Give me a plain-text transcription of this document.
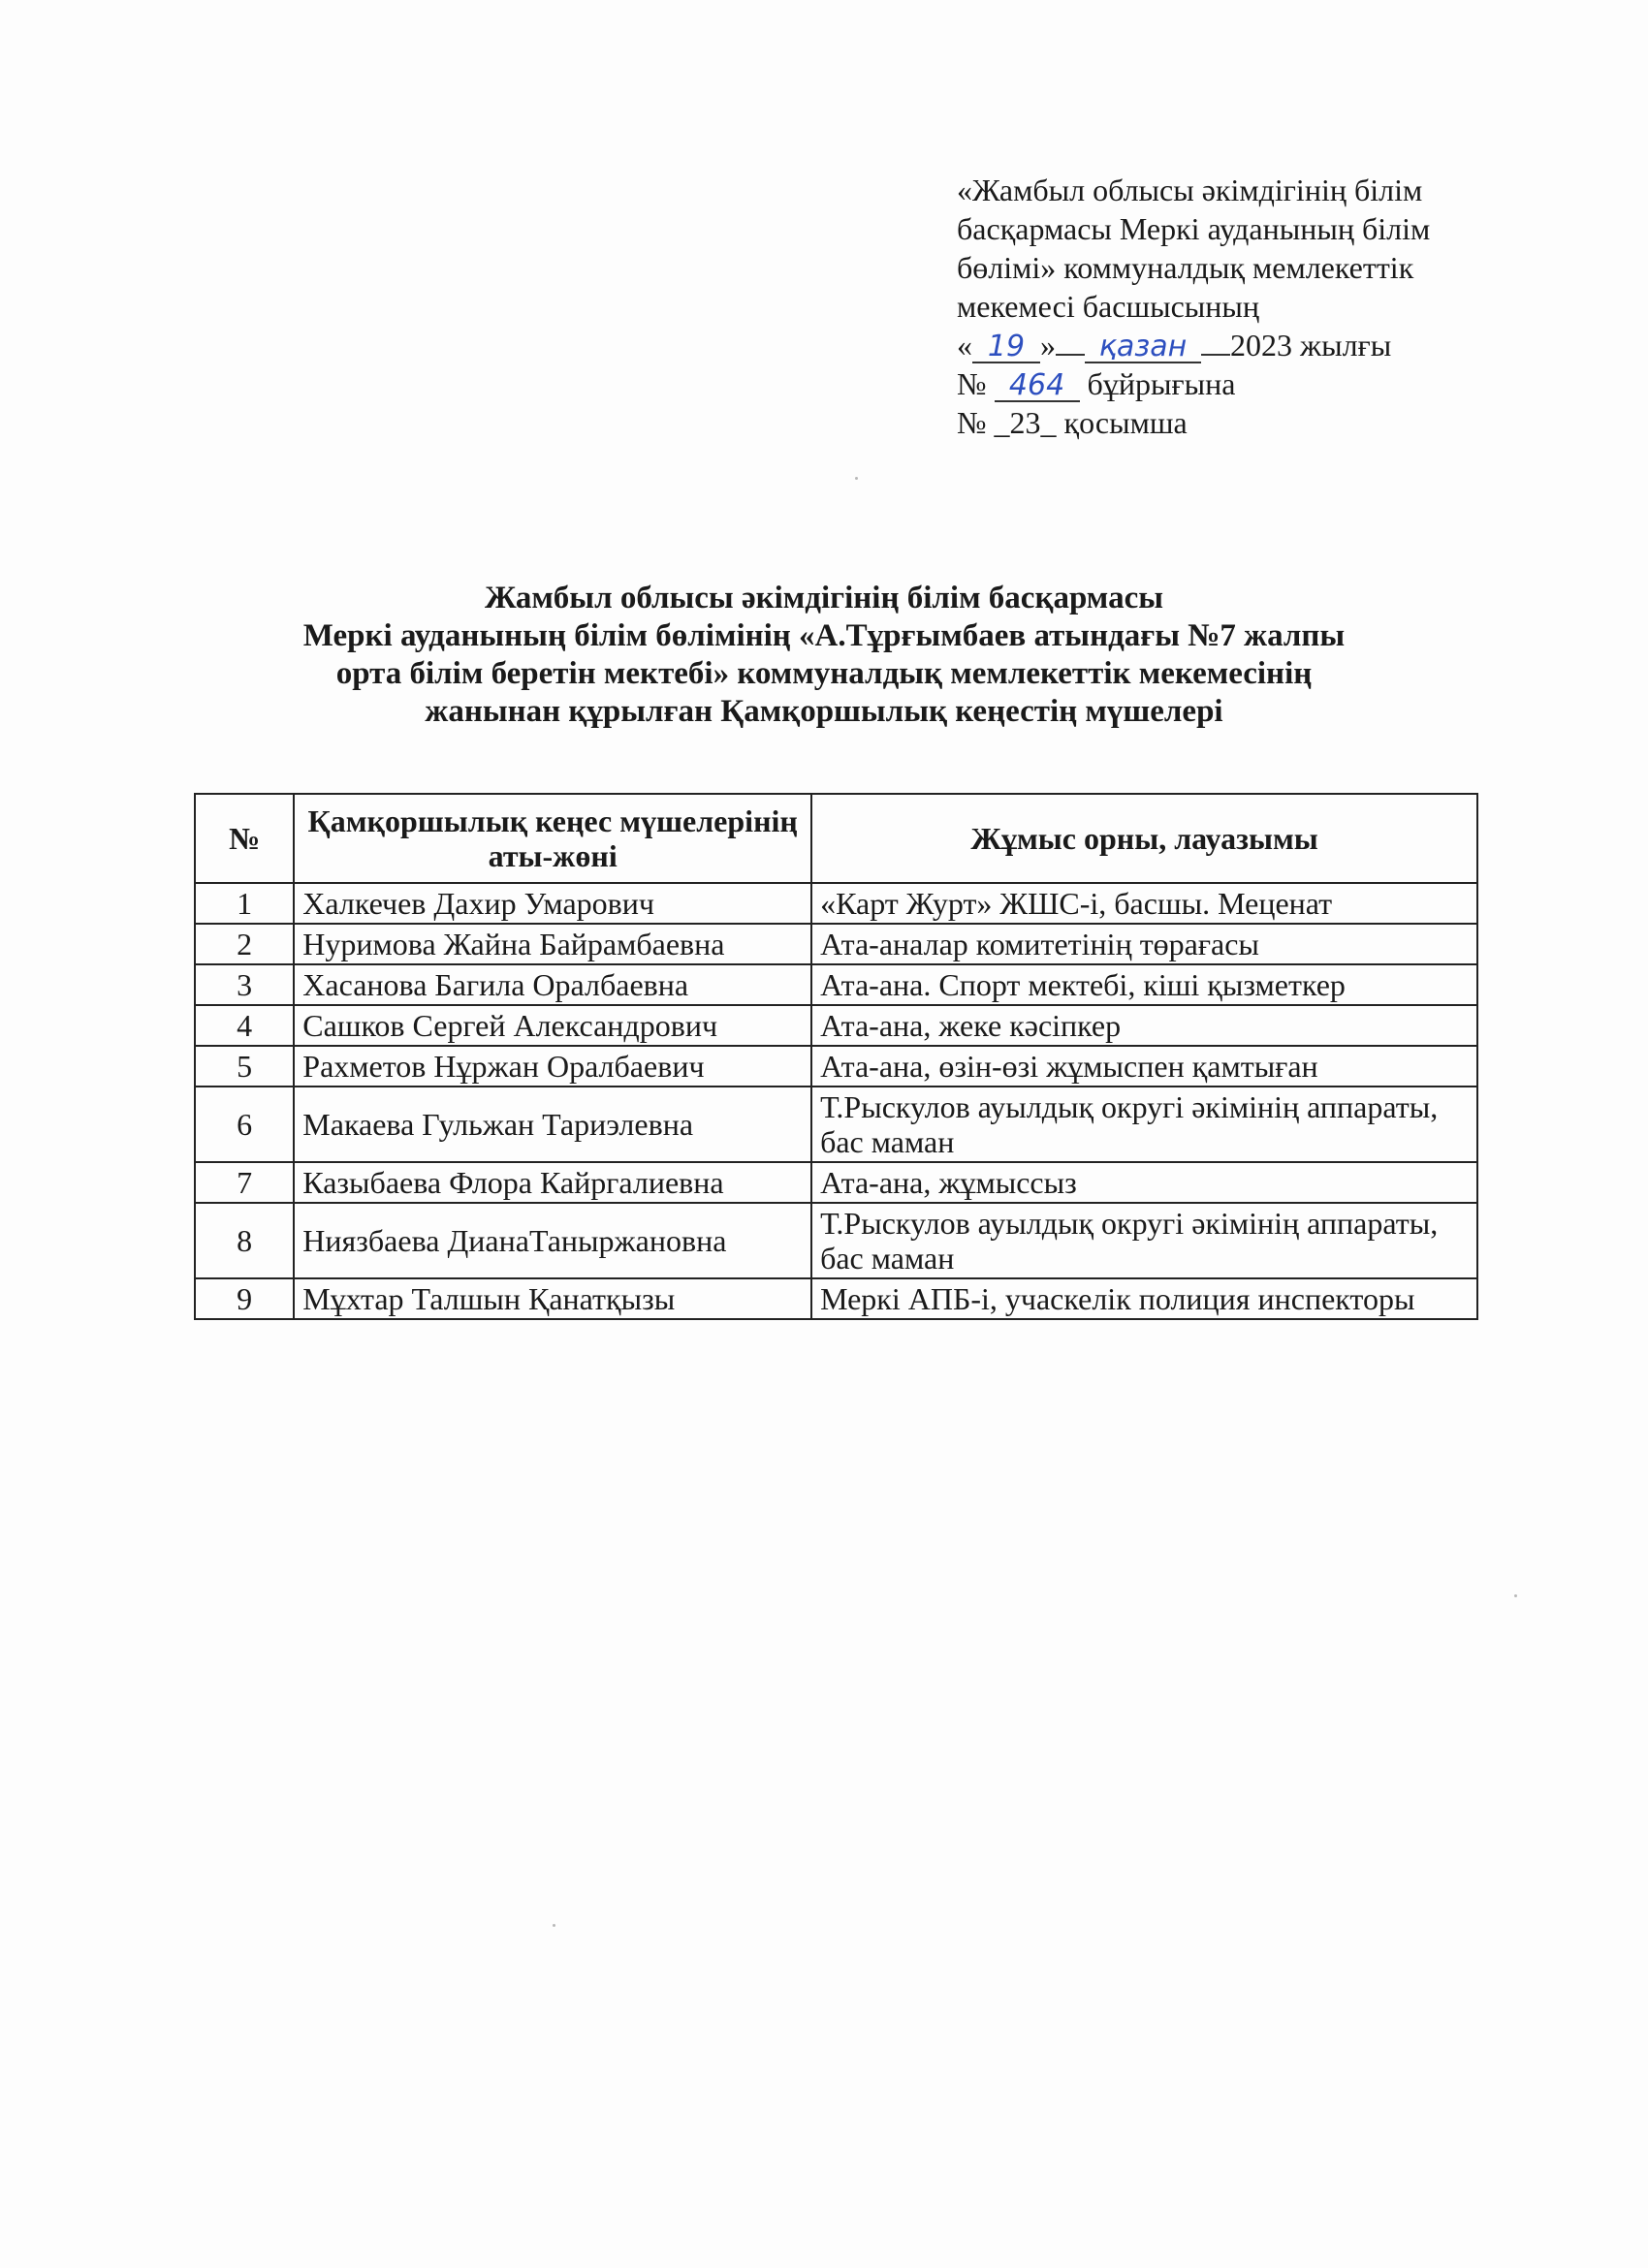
«Жамбыл облысы әкімдігінің білім
басқармасы Меркі ауданының білім
бөлімі» коммуналдық мемлекеттік
мекемесі басшысының
« 19 » қазан 2023 жылғы
№ 464 бұйрығына
№ _23_ қосымша
Жамбыл облысы әкімдігінің білім басқармасы
Меркі ауданының білім бөлімінің «А.Тұрғымбаев атындағы №7 жалпы
орта білім беретін мектебі» коммуналдық мемлекеттік мекемесінің
жанынан құрылған Қамқоршылық кеңестің мүшелері
№	Қамқоршылық кеңес мүшелерінің аты-жөні	Жұмыс орны, лауазымы
1	Халкечев Дахир Умарович	«Карт Журт» ЖШС-і, басшы. Меценат
2	Нуримова Жайна Байрамбаевна	Ата-аналар комитетінің төрағасы
3	Хасанова Багила Оралбаевна	Ата-ана. Спорт мектебі, кіші қызметкер
4	Сашков Сергей Александрович	Ата-ана, жеке кәсіпкер
5	Рахметов Нұржан Оралбаевич	Ата-ана, өзін-өзі жұмыспен қамтыған
6	Макаева Гульжан Тариэлевна	Т.Рыскулов ауылдық округі әкімінің аппараты, бас маман
7	Казыбаева Флора Кайргалиевна	Ата-ана, жұмыссыз
8	Ниязбаева ДианаТаныржановна	Т.Рыскулов ауылдық округі әкімінің аппараты, бас маман
9	Мұхтар Талшын Қанатқызы	Меркі АПБ-і, учаскелік полиция инспекторы
